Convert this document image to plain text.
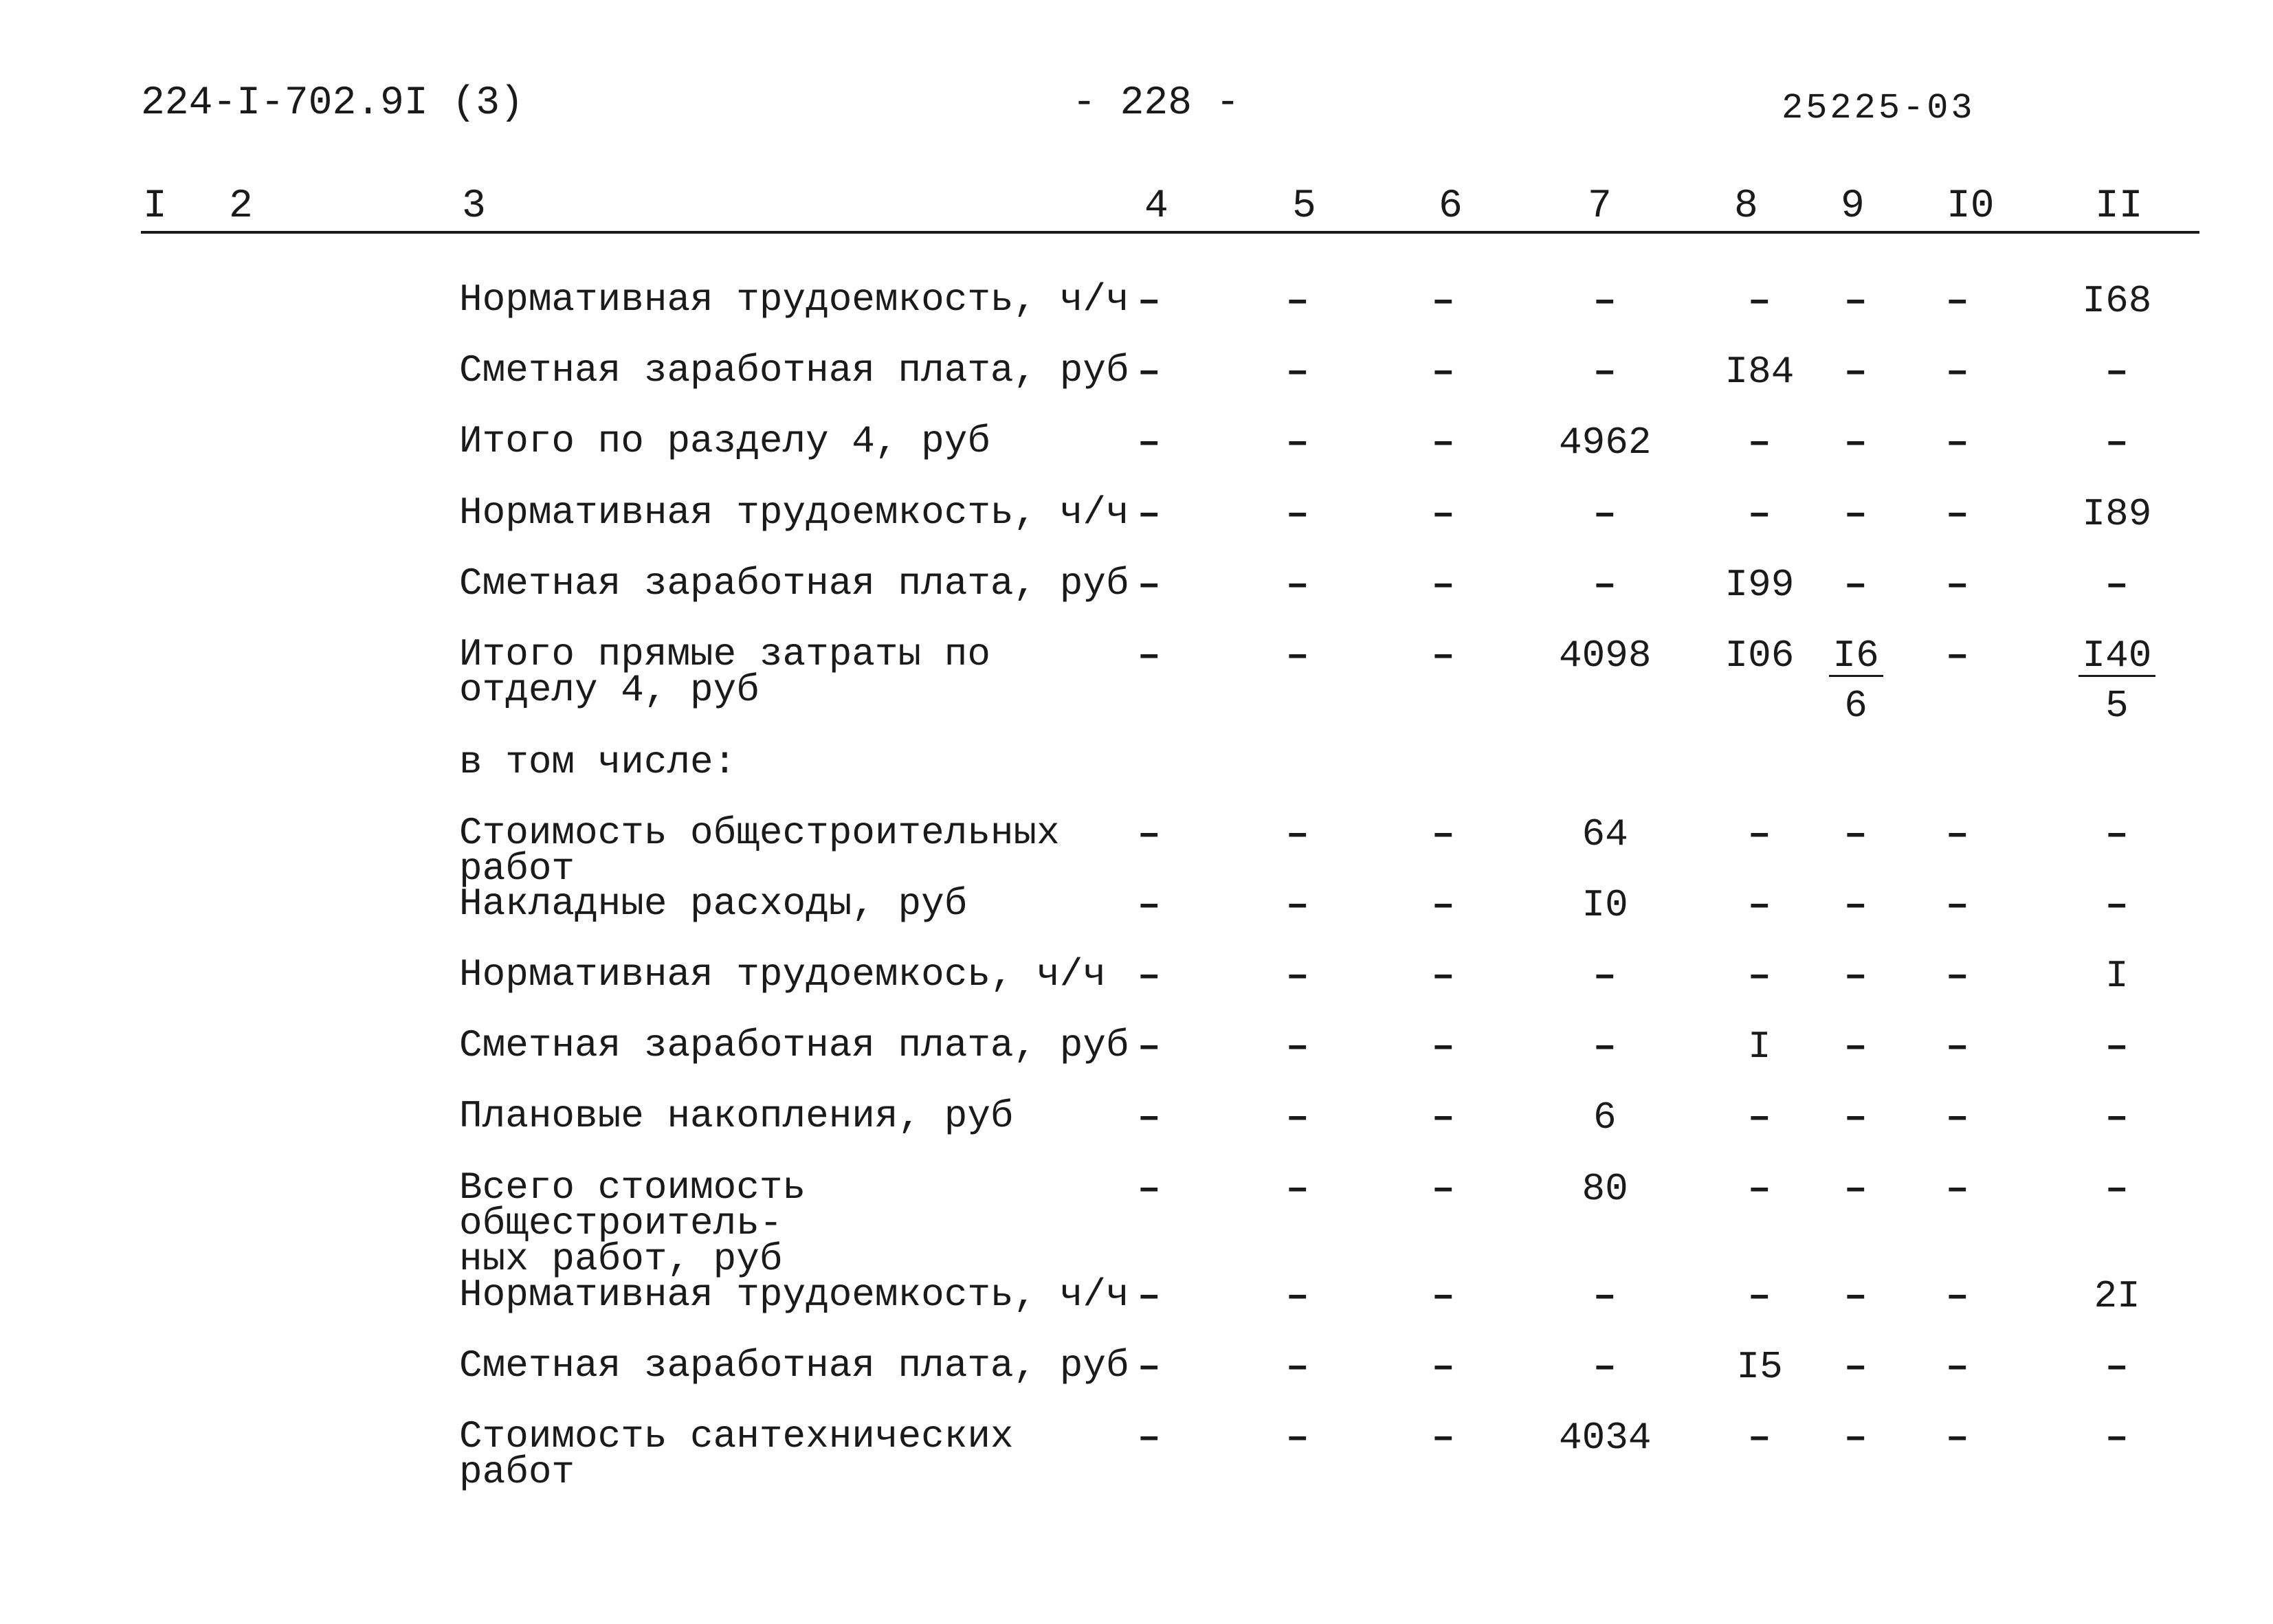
224-I-702.9I (3)	- 228 -	25225-03
I 2	3	4	5	6	7	8 9 I0	II
Нормативная трудоемкость, ч/ч –	–	–	–	– – –	I68
Сметная заработная плата, руб –	–	–	–	I84 – –	–
Итого по разделу 4, руб	–	–	–	4962	– – –	–
Нормативная трудоемкость, ч/ч –	–	–	–	– – –	I89
Сметная заработная плата, руб –	–	–	–	I99 – –	–
Итого прямые затраты по
отделу 4, руб
–	–	–	4098 $I06 \frac{I6}{6}$ –	$\frac{I40}{5}$
в том числе:
Стоимость общестроительных работ
–	–	–	64	– – –	–
Накладные расходы, руб	–	–	–	I0	– – –	–
Нормативная трудоемкось, ч/ч –	–	–	–	– – –	I
Сметная заработная плата, руб –	–	–	–	I – –	–
Плановые накопления, руб	–	–	–	6	– – –	–
Всего стоимость общестроитель-
ных работ, руб
–	–	–	80	– – –	–
Нормативная трудоемкость, ч/ч –	–	–	–	– – –	2I
Сметная заработная плата, руб –	–	–	–	I5 – –	–
Стоимость сантехнических работ
–	–	–	4034	– – –	–
